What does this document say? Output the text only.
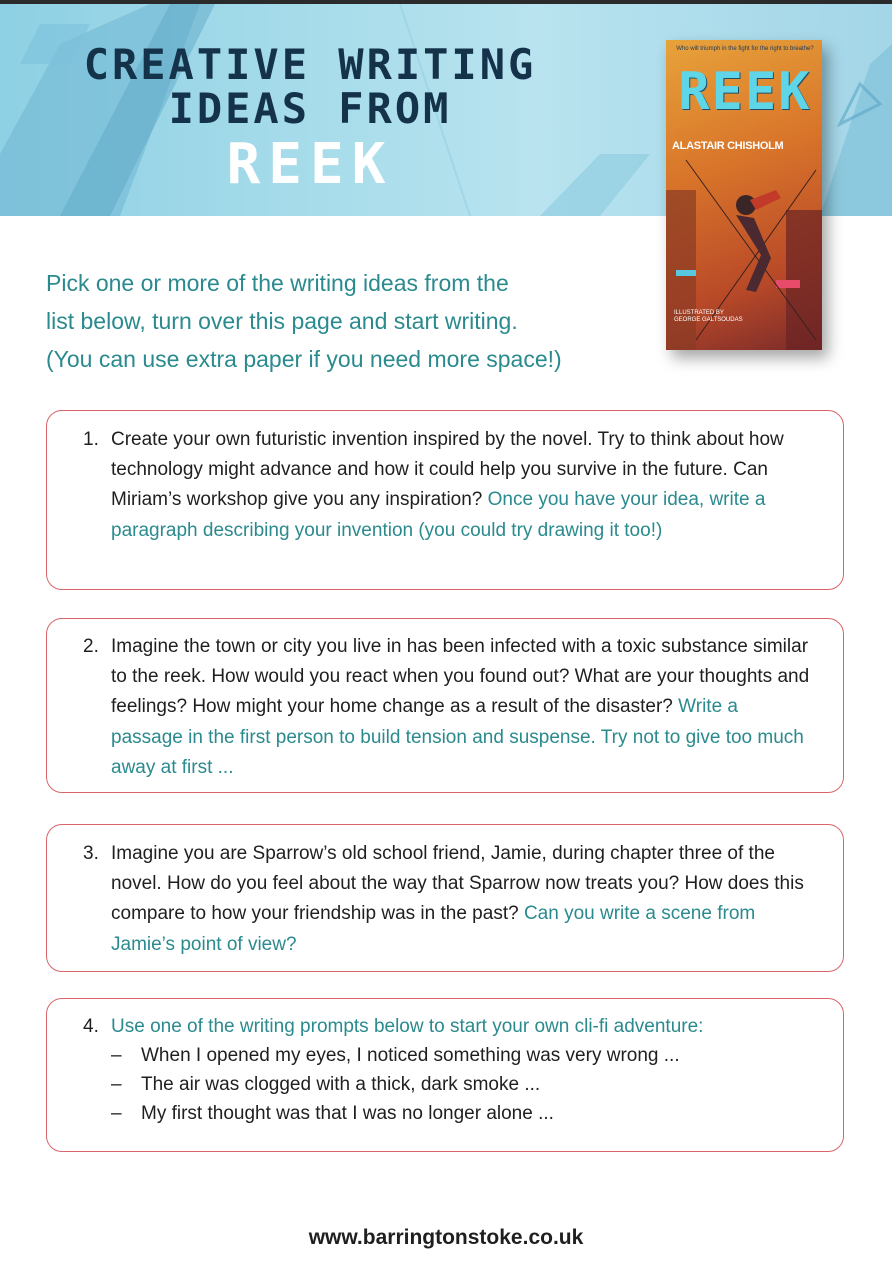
CREATIVE WRITING
IDEAS FROM
REEK
Who will triumph in the fight for the right to breathe?
REEK
ALASTAIR CHISHOLM
ILLUSTRATED BY
GEORGE GALTSOUDAS
Pick one or more of the writing ideas from the
list below, turn over this page and start writing.
(You can use extra paper if you need more space!)
1. Create your own futuristic invention inspired by the novel. Try to think about how technology might advance and how it could help you survive in the future. Can Miriam’s workshop give you any inspiration? Once you have your idea, write a paragraph describing your invention (you could try drawing it too!)
2. Imagine the town or city you live in has been infected with a toxic substance similar to the reek. How would you react when you found out? What are your thoughts and feelings? How might your home change as a result of the disaster? Write a passage in the first person to build tension and suspense. Try not to give too much away at first ...
3. Imagine you are Sparrow’s old school friend, Jamie, during chapter three of the novel. How do you feel about the way that Sparrow now treats you? How does this compare to how your friendship was in the past? Can you write a scene from Jamie’s point of view?
4. Use one of the writing prompts below to start your own cli-fi adventure:
–	When I opened my eyes, I noticed something was very wrong ...
–	The air was clogged with a thick, dark smoke ...
–	My first thought was that I was no longer alone ...
www.barringtonstoke.co.uk
